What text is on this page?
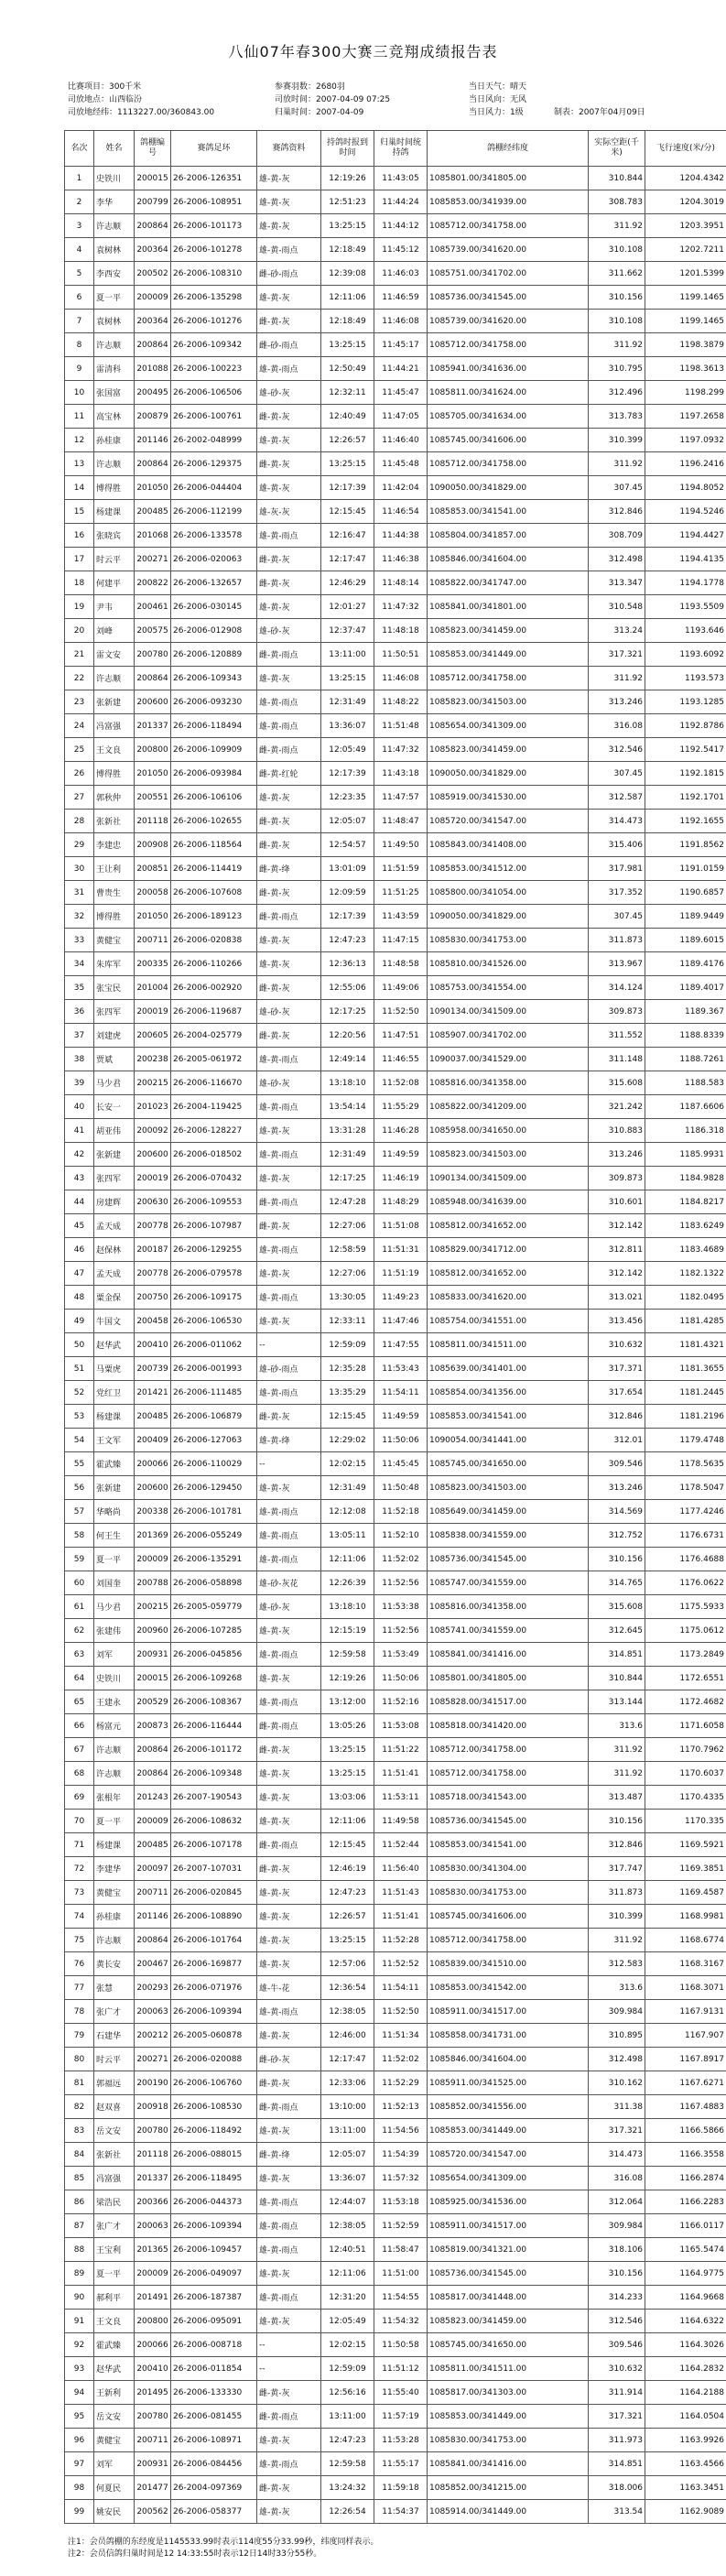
八仙07年春300大赛三竞翔成绩报告表
比赛项目：300千米
司放地点：山西临汾
司放地经纬：1113227.00/360843.00
参赛羽数：2680羽
司放时间：2007-04-09 07:25
归巢时间：2007-04-09
当日天气：晴天
当日风向：无风
当日风力：1级	制表：2007年04月09日
名次	姓名	鸽棚编号	赛鸽足环	赛鸽资料	持鸽时报到时间	归巢时间统持鸽	鸽棚经纬度	实际空距(千米)	飞行速度(米/分)
1	史铁川	200015	26-2006-126351	雄-黄-灰	12:19:26	11:43:05	1085801.00/341805.00	310.844	1204.4342
2	李华	200799	26-2006-108951	雄-黄-灰	12:51:23	11:44:24	1085853.00/341939.00	308.783	1204.3019
3	许志顺	200864	26-2006-101173	雄-黄-灰	13:25:15	11:44:12	1085712.00/341758.00	311.92	1203.3951
4	袁树林	200364	26-2006-101278	雄-黄-雨点	12:18:49	11:45:12	1085739.00/341620.00	310.108	1202.7211
5	李西安	200502	26-2006-108310	雌-砂-雨点	12:39:08	11:46:03	1085751.00/341702.00	311.662	1201.5399
6	夏一平	200009	26-2006-135298	雄-黄-灰	12:11:06	11:46:59	1085736.00/341545.00	310.156	1199.1465
7	袁树林	200364	26-2006-101276	雌-黄-灰	12:18:49	11:46:08	1085739.00/341620.00	310.108	1199.1465
8	许志顺	200864	26-2006-109342	雌-砂-雨点	13:25:15	11:45:17	1085712.00/341758.00	311.92	1198.3879
9	雷清科	201088	26-2006-100223	雄-黄-雨点	12:50:49	11:44:21	1085941.00/341636.00	310.795	1198.3613
10	张国富	200495	26-2006-106506	雄-砂-灰	12:32:11	11:45:47	1085811.00/341624.00	312.496	1198.299
11	高宝林	200879	26-2006-100761	雌-黄-灰	12:40:49	11:47:05	1085705.00/341634.00	313.783	1197.2658
12	孙桂康	201146	26-2002-048999	雄-黄-灰	12:26:57	11:46:40	1085745.00/341606.00	310.399	1197.0932
13	许志顺	200864	26-2006-129375	雌-黄-灰	13:25:15	11:45:48	1085712.00/341758.00	311.92	1196.2416
14	博得胜	201050	26-2006-044404	雄-黄-灰	12:17:39	11:42:04	1090050.00/341829.00	307.45	1194.8052
15	杨建课	200485	26-2006-112199	雄-灰-灰	12:15:45	11:46:54	1085853.00/341541.00	312.846	1194.5246
16	张晓宾	201068	26-2006-133578	雄-黄-雨点	12:16:47	11:44:38	1085804.00/341857.00	308.709	1194.4427
17	时云平	200271	26-2006-020063	雌-黄-灰	12:17:47	11:46:38	1085846.00/341604.00	312.498	1194.4135
18	何建平	200822	26-2006-132657	雌-黄-灰	12:46:29	11:48:14	1085822.00/341747.00	313.347	1194.1778
19	尹韦	200461	26-2006-030145	雄-黄-灰	12:01:27	11:47:32	1085841.00/341801.00	310.548	1193.5509
20	刘峰	200575	26-2006-012908	雄-砂-灰	12:37:47	11:48:18	1085823.00/341459.00	313.24	1193.646
21	雷文安	200780	26-2006-120889	雌-黄-雨点	13:11:00	11:50:51	1085853.00/341449.00	317.321	1193.6092
22	许志顺	200864	26-2006-109343	雄-黄-灰	13:25:15	11:46:08	1085712.00/341758.00	311.92	1193.573
23	张新建	200600	26-2006-093230	雄-黄-雨点	12:31:49	11:48:22	1085823.00/341503.00	313.246	1193.1285
24	冯富强	201337	26-2006-118494	雄-黄-雨点	13:36:07	11:51:48	1085654.00/341309.00	316.08	1192.8786
25	王文良	200800	26-2006-109909	雌-黄-雨点	12:05:49	11:47:32	1085823.00/341459.00	312.546	1192.5417
26	博得胜	201050	26-2006-093984	雌-黄-红轮	12:17:39	11:43:18	1090050.00/341829.00	307.45	1192.1815
27	郭秋仲	200551	26-2006-106106	雄-黄-灰	12:23:35	11:47:57	1085919.00/341530.00	312.587	1192.1701
28	张新社	201118	26-2006-102655	雌-黄-灰	12:05:07	11:48:47	1085720.00/341547.00	314.473	1192.1655
29	李建忠	200908	26-2006-118564	雌-黄-灰	12:54:57	11:49:50	1085843.00/341408.00	315.406	1191.8562
30	王让利	200851	26-2006-114419	雌-黄-绛	13:01:09	11:51:59	1085853.00/341512.00	317.981	1191.0159
31	曹贵生	200058	26-2006-107608	雌-黄-灰	12:09:59	11:51:25	1085800.00/341054.00	317.352	1190.6857
32	博得胜	201050	26-2006-189123	雌-黄-雨点	12:17:39	11:43:59	1090050.00/341829.00	307.45	1189.9449
33	黄健宝	200711	26-2006-020838	雄-黄-灰	12:47:23	11:47:15	1085830.00/341753.00	311.873	1189.6015
34	朱库军	200335	26-2006-110266	雄-黄-灰	12:36:13	11:48:58	1085810.00/341526.00	313.967	1189.4176
35	张宝民	201004	26-2006-002920	雌-黄-灰	12:55:06	11:49:06	1085753.00/341554.00	314.124	1189.4017
36	张四军	200019	26-2006-119687	雄-砂-灰	12:17:25	11:52:50	1090134.00/341509.00	309.873	1189.367
37	刘建虎	200605	26-2004-025779	雌-黄-灰	12:20:56	11:47:51	1085907.00/341702.00	311.552	1188.8339
38	贾斌	200238	26-2005-061972	雄-黄-雨点	12:49:14	11:46:55	1090037.00/341529.00	311.148	1188.7261
39	马少君	200215	26-2006-116670	雄-砂-灰	13:18:10	11:52:08	1085816.00/341358.00	315.608	1188.583
40	长安一	201023	26-2004-119425	雄-黄-雨点	13:54:14	11:55:29	1085822.00/341209.00	321.242	1187.6606
41	胡亚伟	200092	26-2006-128227	雄-黄-灰	13:31:28	11:46:28	1085958.00/341650.00	310.883	1186.318
42	张新建	200600	26-2006-018502	雄-黄-雨点	12:31:49	11:49:59	1085823.00/341503.00	313.246	1185.9931
43	张四军	200019	26-2006-070432	雄-黄-灰	12:17:25	11:46:19	1090134.00/341509.00	309.873	1184.9828
44	房建辉	200630	26-2006-109553	雌-黄-雨点	12:47:28	11:48:29	1085948.00/341639.00	310.601	1184.8217
45	孟天成	200778	26-2006-107987	雌-黄-灰	12:27:06	11:51:08	1085812.00/341652.00	312.142	1183.6249
46	赵保林	200187	26-2006-129255	雄-黄-雨点	12:58:59	11:51:31	1085829.00/341712.00	312.811	1183.4689
47	孟天成	200778	26-2006-079578	雄-黄-灰	12:27:06	11:51:19	1085812.00/341652.00	312.142	1182.1322
48	粟金保	200750	26-2006-109175	雄-黄-雨点	13:30:05	11:49:23	1085833.00/341620.00	313.021	1182.0495
49	牛国文	200458	26-2006-106530	雄-黄-灰	12:33:11	11:47:46	1085754.00/341551.00	313.456	1181.4285
50	赵华武	200410	26-2006-011062	--	12:59:09	11:47:55	1085811.00/341511.00	310.632	1181.4321
51	马粟虎	200739	26-2006-001993	雄-砂-雨点	12:35:28	11:53:43	1085639.00/341401.00	317.371	1181.3655
52	党红卫	201421	26-2006-111485	雄-黄-雨点	13:35:29	11:54:11	1085854.00/341356.00	317.654	1181.2445
53	杨建课	200485	26-2006-106879	雌-黄-灰	12:15:45	11:49:59	1085853.00/341541.00	312.846	1181.2196
54	王文军	200409	26-2006-127063	雄-黄-绛	12:29:02	11:50:06	1090054.00/341441.00	312.01	1179.4748
55	霍武臻	200066	26-2006-110029	--	12:02:15	11:45:45	1085745.00/341650.00	309.546	1178.5635
56	张新建	200600	26-2006-129450	雄-黄-灰	12:31:49	11:50:48	1085823.00/341503.00	313.246	1178.5047
57	华略尚	200338	26-2006-101781	雄-黄-雨点	12:12:08	11:52:18	1085649.00/341459.00	314.569	1177.4246
58	何王生	201369	26-2006-055249	雄-黄-雨点	13:05:11	11:52:10	1085838.00/341559.00	312.752	1176.6731
59	夏一平	200009	26-2006-135291	雄-黄-雨点	12:11:06	11:52:02	1085736.00/341545.00	310.156	1176.4688
60	刘国奎	200788	26-2006-058898	雄-砂-灰花	12:26:39	11:52:56	1085747.00/341559.00	314.765	1176.0622
61	马少君	200215	26-2005-059779	雄-砂-灰	13:18:10	11:53:38	1085816.00/341358.00	315.608	1175.5933
62	张建伟	200960	26-2006-107285	雄-黄-灰	12:15:19	11:52:56	1085741.00/341559.00	312.645	1175.0612
63	刘军	200931	26-2006-045856	雄-黄-雨点	12:59:58	11:53:49	1085841.00/341416.00	314.851	1173.2849
64	史铁川	200015	26-2006-109268	雄-黄-灰	12:19:26	11:50:06	1085801.00/341805.00	310.844	1172.6551
65	王建永	200529	26-2006-108367	雄-黄-雨点	13:12:00	11:52:16	1085828.00/341517.00	313.144	1172.4682
66	杨富元	200873	26-2006-116444	雌-黄-雨点	13:05:26	11:53:08	1085818.00/341420.00	313.6	1171.6058
67	许志顺	200864	26-2006-101172	雌-黄-灰	13:25:15	11:51:22	1085712.00/341758.00	311.92	1170.7962
68	许志顺	200864	26-2006-109348	雄-黄-灰	13:25:15	11:51:41	1085712.00/341758.00	311.92	1170.6037
69	张根年	201243	26-2007-190543	雄-黄-灰	13:03:06	11:53:11	1085718.00/341543.00	313.487	1170.4335
70	夏一平	200009	26-2006-108632	雄-黄-灰	12:11:06	11:49:58	1085736.00/341545.00	310.156	1170.335
71	杨建课	200485	26-2006-107178	雌-黄-雨点	12:15:45	11:52:44	1085853.00/341541.00	312.846	1169.5921
72	李建华	200097	26-2007-107031	雌-黄-灰	12:46:19	11:56:40	1085830.00/341304.00	317.747	1169.3851
73	黄健宝	200711	26-2006-020845	雄-黄-灰	12:47:23	11:51:43	1085830.00/341753.00	311.873	1169.4587
74	孙桂康	201146	26-2006-108890	雄-黄-灰	12:26:57	11:51:41	1085745.00/341606.00	310.399	1168.9981
75	许志顺	200864	26-2006-101764	雄-黄-灰	13:25:15	11:52:28	1085712.00/341758.00	311.92	1168.6774
76	黄长安	200467	26-2006-169877	雄-黄-灰	12:57:06	11:52:52	1085839.00/341510.00	312.583	1168.3167
77	张慧	200293	26-2006-071976	雄-牛-花	12:36:54	11:54:11	1085853.00/341542.00	313.6	1168.3071
78	张广才	200063	26-2006-109394	雄-黄-雨点	12:38:05	11:52:50	1085911.00/341517.00	309.984	1167.9131
79	石建华	200212	26-2005-060878	雄-黄-灰	12:46:00	11:51:34	1085858.00/341731.00	310.895	1167.907
80	时云平	200271	26-2006-020088	雌-砂-灰	12:17:47	11:52:02	1085846.00/341604.00	312.498	1167.8917
81	郭福远	200190	26-2006-106760	雌-黄-灰	12:33:06	11:52:29	1085911.00/341525.00	310.162	1167.6271
82	赵双喜	200918	26-2006-108530	雌-黄-雨点	13:10:00	11:52:13	1085852.00/341556.00	311.38	1167.4883
83	岳文安	200780	26-2006-118492	雄-黄-灰	13:11:00	11:54:56	1085853.00/341449.00	317.321	1166.5866
84	张新社	201118	26-2006-088015	雌-黄-绛	12:05:07	11:54:39	1085720.00/341547.00	314.473	1166.3558
85	冯富强	201337	26-2006-118495	雄-黄-灰	13:36:07	11:57:32	1085654.00/341309.00	316.08	1166.2874
86	梁浩民	200366	26-2006-044373	雄-黄-雨点	12:44:07	11:53:18	1085925.00/341536.00	312.064	1166.2283
87	张广才	200063	26-2006-109394	雄-黄-雨点	12:38:05	11:52:59	1085911.00/341517.00	309.984	1166.0117
88	王宝利	201365	26-2006-109457	雄-黄-雨点	12:40:51	11:58:47	1085819.00/341321.00	318.106	1165.5474
89	夏一平	200009	26-2006-049097	雄-黄-灰	12:11:06	11:51:00	1085736.00/341545.00	310.156	1164.9775
90	郝利平	201491	26-2006-187387	雄-黄-雨点	12:31:20	11:54:55	1085817.00/341448.00	314.233	1164.9668
91	王文良	200800	26-2006-095091	雄-黄-灰	12:05:49	11:54:32	1085823.00/341459.00	312.546	1164.6322
92	霍武臻	200066	26-2006-008718	--	12:02:15	11:50:58	1085745.00/341650.00	309.546	1164.3026
93	赵华武	200410	26-2006-011854	--	12:59:09	11:51:12	1085811.00/341511.00	310.632	1164.2832
94	王新利	201495	26-2006-133330	雌-黄-灰	12:56:16	11:55:40	1085817.00/341303.00	311.914	1164.2188
95	岳文安	200780	26-2006-081455	雌-黄-雨点	13:11:00	11:57:19	1085853.00/341449.00	317.321	1164.0504
96	黄健宝	200711	26-2006-108971	雄-黄-灰	12:47:23	11:53:28	1085830.00/341753.00	311.973	1163.9926
97	刘军	200931	26-2006-084456	雄-黄-雨点	12:59:58	11:55:17	1085841.00/341416.00	314.851	1163.4566
98	何夏民	201477	26-2004-097369	雌-黄-灰	13:24:32	11:59:18	1085852.00/341215.00	318.006	1163.3451
99	姚安民	200562	26-2006-058377	雄-黄-灰	12:26:54	11:54:37	1085914.00/341449.00	313.54	1162.9089
注1：会员鸽棚的东经度是1145533.99时表示114度55分33.99秒，纬度同样表示。
注2：会员信鸽归巢时间是12 14:33:55时表示12日14时33分55秒。
